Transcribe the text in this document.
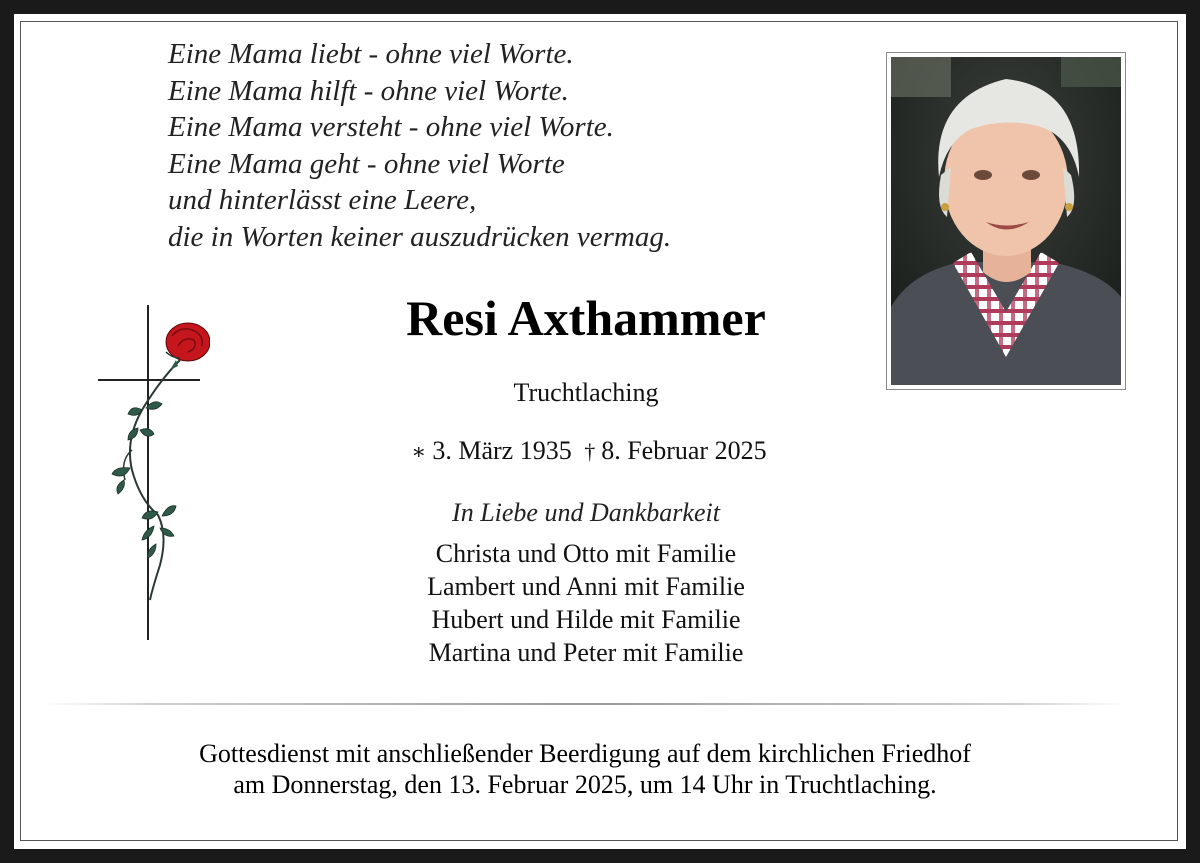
Eine Mama liebt - ohne viel Worte.
Eine Mama hilft - ohne viel Worte.
Eine Mama versteht - ohne viel Worte.
Eine Mama geht - ohne viel Worte
und hinterlässt eine Leere,
die in Worten keiner auszudrücken vermag.
Resi Axthammer
Truchtlaching
∗ 3. März 1935 † 8. Februar 2025
In Liebe und Dankbarkeit
Christa und Otto mit Familie
Lambert und Anni mit Familie
Hubert und Hilde mit Familie
Martina und Peter mit Familie
Gottesdienst mit anschließender Beerdigung auf dem kirchlichen Friedhof
am Donnerstag, den 13. Februar 2025, um 14 Uhr in Truchtlaching.
